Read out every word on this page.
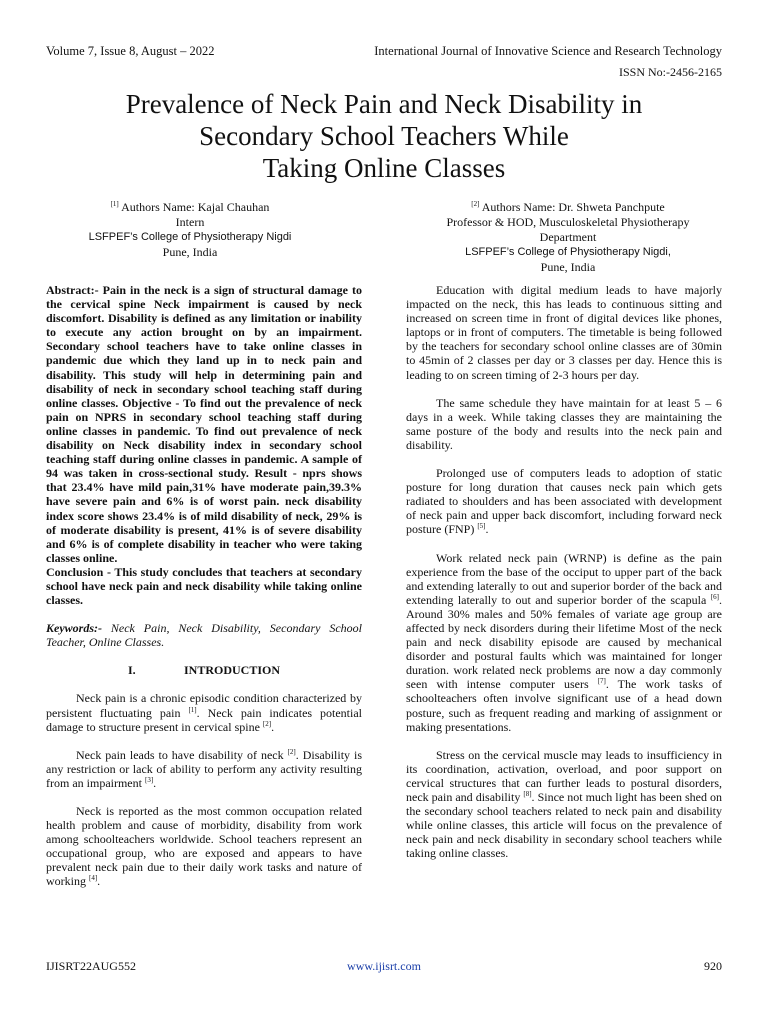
Volume 7, Issue 8, August – 2022	International Journal of Innovative Science and Research Technology
ISSN No:-2456-2165
Prevalence of Neck Pain and Neck Disability in
Secondary School Teachers While
Taking Online Classes
[1] Authors Name: Kajal Chauhan
Intern
LSFPEF’s College of Physiotherapy Nigdi
Pune, India
[2] Authors Name: Dr. Shweta Panchpute
Professor & HOD, Musculoskeletal Physiotherapy
Department
LSFPEF’s College of Physiotherapy Nigdi,
Pune, India

Abstract:- Pain in the neck is a sign of structural damage to the cervical spine Neck impairment is caused by neck discomfort. Disability is defined as any limitation or inability to execute any action brought on by an impairment. Secondary school teachers have to take online classes in pandemic due which they land up in to neck pain and disability. This study will help in determining pain and disability of neck in secondary school teaching staff during online classes. Objective - To find out the prevalence of neck pain on NPRS in secondary school teaching staff during online classes in pandemic. To find out prevalence of neck disability on Neck disability index in secondary school teaching staff during online classes in pandemic. A sample of 94 was taken in cross-sectional study. Result - nprs shows that 23.4% have mild pain,31% have moderate pain,39.3% have severe pain and 6% is of worst pain. neck disability index score shows 23.4% is of mild disability of neck, 29% is of moderate disability is present, 41% is of severe disability and 6% is of complete disability in teacher who were taking classes online.
Conclusion - This study concludes that teachers at secondary school have neck pain and neck disability while taking online classes.

Keywords:- Neck Pain, Neck Disability, Secondary School Teacher, Online Classes.

I.	INTRODUCTION

Neck pain is a chronic episodic condition characterized by persistent fluctuating pain [1]. Neck pain indicates potential damage to structure present in cervical spine [2].

Neck pain leads to have disability of neck [2]. Disability is any restriction or lack of ability to perform any activity resulting from an impairment [3].

Neck is reported as the most common occupation related health problem and cause of morbidity, disability from work among schoolteachers worldwide. School teachers represent an occupational group, who are exposed and appears to have prevalent neck pain due to their daily work tasks and nature of working [4].

Education with digital medium leads to have majorly impacted on the neck, this has leads to continuous sitting and increased on screen time in front of digital devices like phones, laptops or in front of computers. The timetable is being followed by the teachers for secondary school online classes are of 30min to 45min of 2 classes per day or 3 classes per day. Hence this is leading to on screen timing of 2-3 hours per day.

The same schedule they have maintain for at least 5 – 6 days in a week. While taking classes they are maintaining the same posture of the body and results into the neck pain and disability.

Prolonged use of computers leads to adoption of static posture for long duration that causes neck pain which gets radiated to shoulders and has been associated with development of neck pain and upper back discomfort, including forward neck posture (FNP) [5].

Work related neck pain (WRNP) is define as the pain experience from the base of the occiput to upper part of the back and extending laterally to out and superior border of the back and extending laterally to out and superior border of the scapula [6]. Around 30% males and 50% females of variate age group are affected by neck disorders during their lifetime Most of the neck pain and neck disability episode are caused by mechanical disorder and postural faults which was maintained for longer duration. work related neck problems are now a day commonly seen with intense computer users [7]. The work tasks of schoolteachers often involve significant use of a head down posture, such as frequent reading and marking of assignment or making presentations.

Stress on the cervical muscle may leads to insufficiency in its coordination, activation, overload, and poor support on cervical structures that can further leads to postural disorders, neck pain and disability [8]. Since not much light has been shed on the secondary school teachers related to neck pain and disability while online classes, this article will focus on the prevalence of neck pain and neck disability in secondary school teachers while taking online classes.

IJISRT22AUG552	www.ijisrt.com	920
